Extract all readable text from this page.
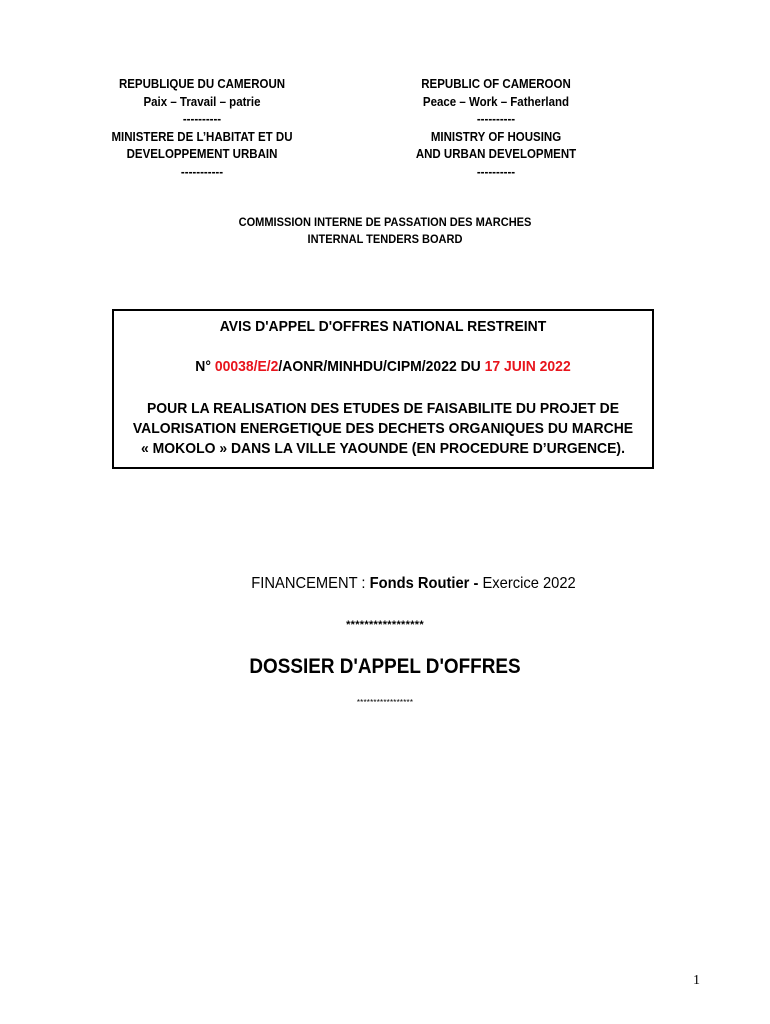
REPUBLIQUE DU CAMEROUN
Paix – Travail – patrie
----------
MINISTERE DE L’HABITAT ET DU
DEVELOPPEMENT URBAIN
-----------
REPUBLIC OF CAMEROON
Peace – Work – Fatherland
----------
MINISTRY OF HOUSING
AND URBAN DEVELOPMENT
----------
COMMISSION INTERNE DE PASSATION DES MARCHES
INTERNAL TENDERS BOARD
AVIS D'APPEL D'OFFRES NATIONAL RESTREINT
N° 00038/E/2/AONR/MINHDU/CIPM/2022 DU 17 JUIN 2022
POUR LA REALISATION DES ETUDES DE FAISABILITE DU PROJET DE
VALORISATION ENERGETIQUE DES DECHETS ORGANIQUES DU MARCHE
« MOKOLO » DANS LA VILLE YAOUNDE (EN PROCEDURE D’URGENCE).
FINANCEMENT : Fonds Routier - Exercice 2022
*****************
DOSSIER D'APPEL D'OFFRES
*****************
1
